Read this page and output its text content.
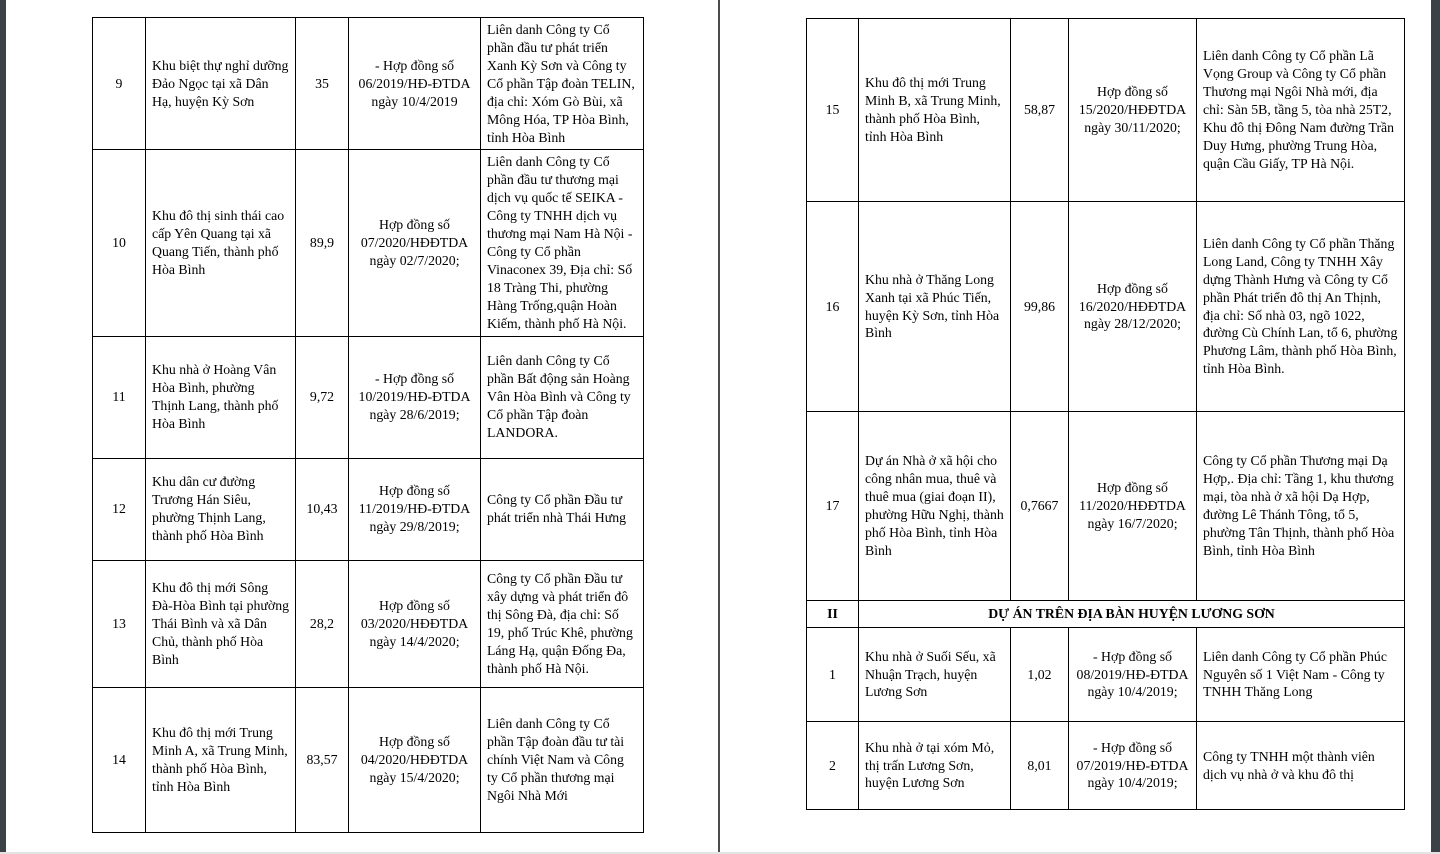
9	Khu biệt thự nghỉ dưỡng Đảo Ngọc tại xã Dân Hạ, huyện Kỳ Sơn	35	- Hợp đồng số 06/2019/HĐ-ĐTDA ngày 10/4/2019	Liên danh Công ty Cổ phần đầu tư phát triển Xanh Kỳ Sơn và Công ty Cổ phần Tập đoàn TELIN, địa chỉ: Xóm Gò Bùi, xã Mông Hóa, TP Hòa Bình, tỉnh Hòa Bình
10	Khu đô thị sinh thái cao cấp Yên Quang tại xã Quang Tiến, thành phố Hòa Bình	89,9	Hợp đồng số 07/2020/HĐĐTDA ngày 02/7/2020;	Liên danh Công ty Cổ phần đầu tư thương mại dịch vụ quốc tế SEIKA - Công ty TNHH dịch vụ thương mại Nam Hà Nội - Công ty Cổ phần Vinaconex 39, Địa chỉ: Số 18 Tràng Thi, phường Hàng Trống,quận Hoàn Kiếm, thành phố Hà Nội.
11	Khu nhà ở Hoàng Vân Hòa Bình, phường Thịnh Lang, thành phố Hòa Bình	9,72	- Hợp đồng số 10/2019/HĐ-ĐTDA ngày 28/6/2019;	Liên danh Công ty Cổ phần Bất động sản Hoàng Vân Hòa Bình và Công ty Cổ phần Tập đoàn LANDORA.
12	Khu dân cư đường Trương Hán Siêu, phường Thịnh Lang, thành phố Hòa Bình	10,43	Hợp đồng số 11/2019/HĐ-ĐTDA ngày 29/8/2019;	Công ty Cổ phần Đầu tư phát triển nhà Thái Hưng
13	Khu đô thị mới Sông Đà-Hòa Bình tại phường Thái Bình và xã Dân Chủ, thành phố Hòa Bình	28,2	Hợp đồng số 03/2020/HĐĐTDA ngày 14/4/2020;	Công ty Cổ phần Đầu tư xây dựng và phát triển đô thị Sông Đà, địa chỉ: Số 19, phố Trúc Khê, phường Láng Hạ, quận Đống Đa, thành phố Hà Nội.
14	Khu đô thị mới Trung Minh A, xã Trung Minh, thành phố Hòa Bình, tỉnh Hòa Bình	83,57	Hợp đồng số 04/2020/HĐĐTDA ngày 15/4/2020;	Liên danh Công ty Cổ phần Tập đoàn đầu tư tài chính Việt Nam và Công ty Cổ phần thương mại Ngôi Nhà Mới
15	Khu đô thị mới Trung Minh B, xã Trung Minh, thành phố Hòa Bình, tỉnh Hòa Bình	58,87	Hợp đồng số 15/2020/HĐĐTDA ngày 30/11/2020;	Liên danh Công ty Cổ phần Lã Vọng Group và Công ty Cổ phần Thương mại Ngôi Nhà mới, địa chỉ: Sàn 5B, tầng 5, tòa nhà 25T2, Khu đô thị Đông Nam đường Trần Duy Hưng, phường Trung Hòa, quận Cầu Giấy, TP Hà Nội.
16	Khu nhà ở Thăng Long Xanh tại xã Phúc Tiến, huyện Kỳ Sơn, tỉnh Hòa Bình	99,86	Hợp đồng số 16/2020/HĐĐTDA ngày 28/12/2020;	Liên danh Công ty Cổ phần Thăng Long Land, Công ty TNHH Xây dựng Thành Hưng và Công ty Cổ phần Phát triển đô thị An Thịnh, địa chỉ: Số nhà 03, ngõ 1022, đường Cù Chính Lan, tổ 6, phường Phương Lâm, thành phố Hòa Bình, tỉnh Hòa Bình.
17	Dự án Nhà ở xã hội cho công nhân mua, thuê và thuê mua (giai đoạn II), phường Hữu Nghị, thành phố Hòa Bình, tỉnh Hòa Bình	0,7667	Hợp đồng số 11/2020/HĐĐTDA ngày 16/7/2020;	Công ty Cổ phần Thương mại Dạ Hợp,. Địa chỉ: Tầng 1, khu thương mại, tòa nhà ở xã hội Dạ Hợp, đường Lê Thánh Tông, tổ 5, phường Tân Thịnh, thành phố Hòa Bình, tỉnh Hòa Bình
II	DỰ ÁN TRÊN ĐỊA BÀN HUYỆN LƯƠNG SƠN			
1	Khu nhà ở Suối Sếu, xã Nhuận Trạch, huyện Lương Sơn	1,02	- Hợp đồng số 08/2019/HĐ-ĐTDA ngày 10/4/2019;	Liên danh Công ty Cổ phần Phúc Nguyên số 1 Việt Nam - Công ty TNHH Thăng Long
2	Khu nhà ở tại xóm Mỏ, thị trấn Lương Sơn, huyện Lương Sơn	8,01	- Hợp đồng số 07/2019/HĐ-ĐTDA ngày 10/4/2019;	Công ty TNHH một thành viên dịch vụ nhà ở và khu đô thị
